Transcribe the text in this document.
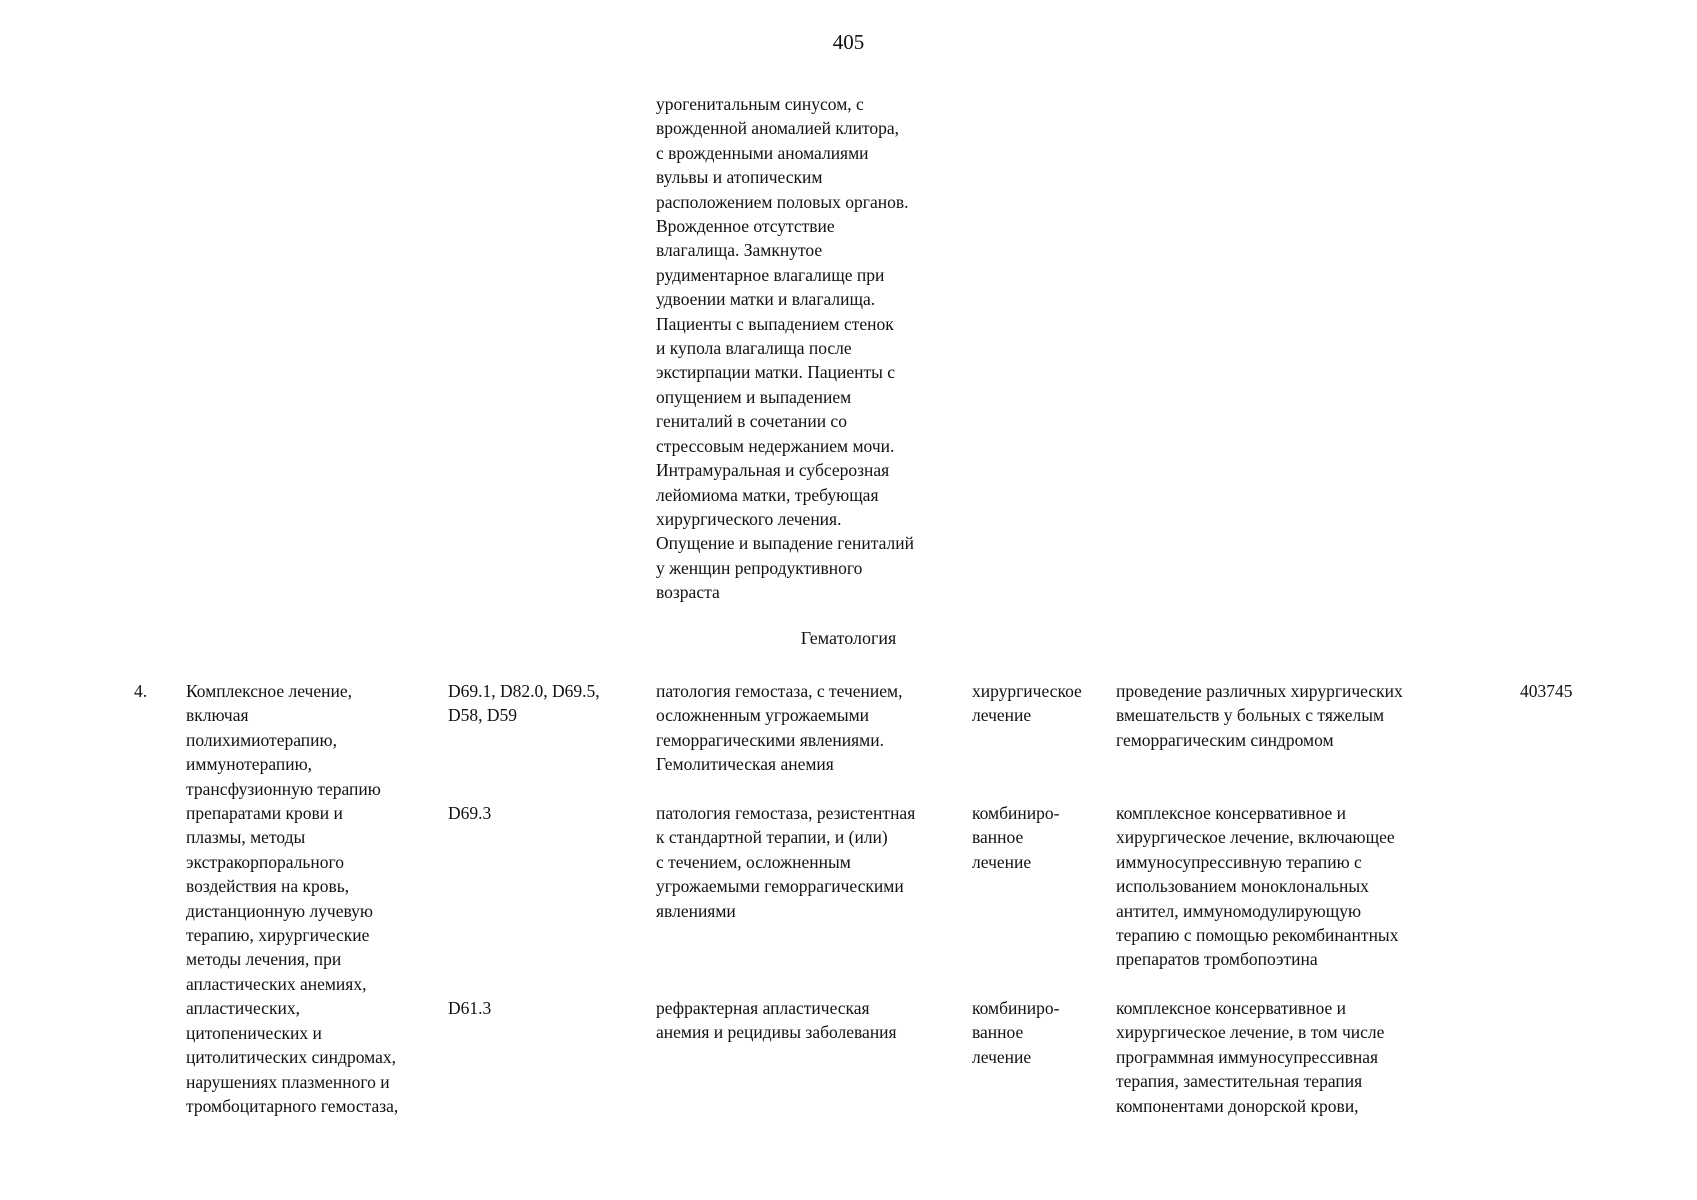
405
урогенитальным синусом, с
врожденной аномалией клитора,
с врожденными аномалиями
вульвы и атопическим
расположением половых органов.
Врожденное отсутствие
влагалища. Замкнутое
рудиментарное влагалище при
удвоении матки и влагалища.
Пациенты с выпадением стенок
и купола влагалища после
экстирпации матки. Пациенты с
опущением и выпадением
гениталий в сочетании со
стрессовым недержанием мочи.
Интрамуральная и субсерозная
лейомиома матки, требующая
хирургического лечения.
Опущение и выпадение гениталий
у женщин репродуктивного
возраста
Гематология
4. Комплексное лечение,
включая
полихимиотерапию,
иммунотерапию,
трансфузионную терапию
препаратами крови и
плазмы, методы
экстракорпорального
воздействия на кровь,
дистанционную лучевую
терапию, хирургические
методы лечения, при
апластических анемиях,
апластических,
цитопенических и
цитолитических синдромах,
нарушениях плазменного и
тромбоцитарного гемостаза,
403745
D69.1, D82.0, D69.5,
D58, D59
патология гемостаза, с течением,
осложненным угрожаемыми
геморрагическими явлениями.
Гемолитическая анемия
хирургическое
лечение
проведение различных хирургических
вмешательств у больных с тяжелым
геморрагическим синдромом
D69.3	патология гемостаза, резистентная
к стандартной терапии, и (или)
с течением, осложненным
угрожаемыми геморрагическими
явлениями
комбиниро-
ванное
лечение
комплексное консервативное и
хирургическое лечение, включающее
иммуносупрессивную терапию с
использованием моноклональных
антител, иммуномодулирующую
терапию с помощью рекомбинантных
препаратов тромбопоэтина
D61.3	рефрактерная апластическая
анемия и рецидивы заболевания
комбиниро-
ванное
лечение
комплексное консервативное и
хирургическое лечение, в том числе
программная иммуносупрессивная
терапия, заместительная терапия
компонентами донорской крови,
